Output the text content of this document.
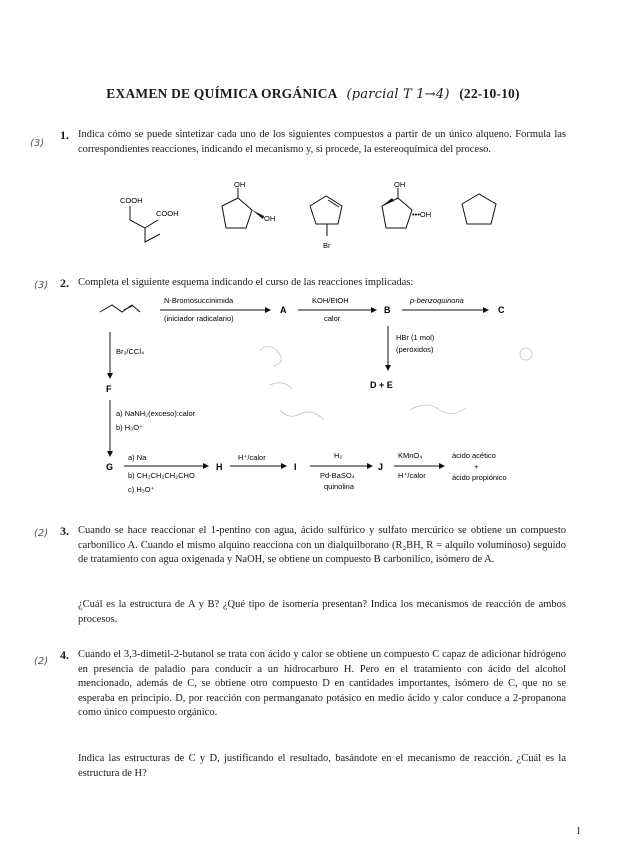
EXAMEN DE QUÍMICA ORGÁNICA (parcial T 1→4) (22-10-10)
(3)
1. Indica cómo se puede sintetizar cada uno de los siguientes compuestos a partir de un único alqueno. Formula las correspondientes reacciones, indicando el mecanismo y, si procede, la estereoquímica del proceso.
COOH
COOH
OH
OH
Br
OH
•••OH
(3) 2. Completa el siguiente esquema indicando el curso de las reacciones implicadas:
N-Bromosuccinimida
(iniciador radicalario)
A
KOH/EtOH
calor
B
p-benzoquinona
C
Br₂/CCl₄
F
HBr (1 mol)
(peróxidos)
D + E
a) NaNH₂(exceso):calor
b) H₃O⁺
G
a) Na
b) CH₃CH₂CH₂CHO
c) H₃O⁺
H
H⁺/calor
I
H₂
Pd-BaSO₄
quinolina
J
KMnO₄
H⁺/calor
ácido acético
+
ácido propiónico
(2) 3. Cuando se hace reaccionar el 1-pentino con agua, ácido sulfúrico y sulfato mercúrico se obtiene un compuesto carbonílico A. Cuando el mismo alquino reacciona con un dialquilborano (R₂BH, R = alquilo voluminoso) seguido de tratamiento con agua oxigenada y NaOH, se obtiene un compuesto B carbonílico, isómero de A.
¿Cuál es la estructura de A y B? ¿Qué tipo de isomería presentan? Indica los mecanismos de reacción de ambos procesos.
(2) 4. Cuando el 3,3-dimetil-2-butanol se trata con ácido y calor se obtiene un compuesto C capaz de adicionar hidrógeno en presencia de paladio para conducir a un hidrocarburo H. Pero en el tratamiento con ácido del alcohol mencionado, además de C, se obtiene otro compuesto D en cantidades importantes, isómero de C, que no se esperaba en principio. D, por reacción con permanganato potásico en medio ácido y calor conduce a 2-propanona como único compuesto orgánico.
Indica las estructuras de C y D, justificando el resultado, basándote en el mecanismo de reacción. ¿Cuál es la estructura de H?
1
